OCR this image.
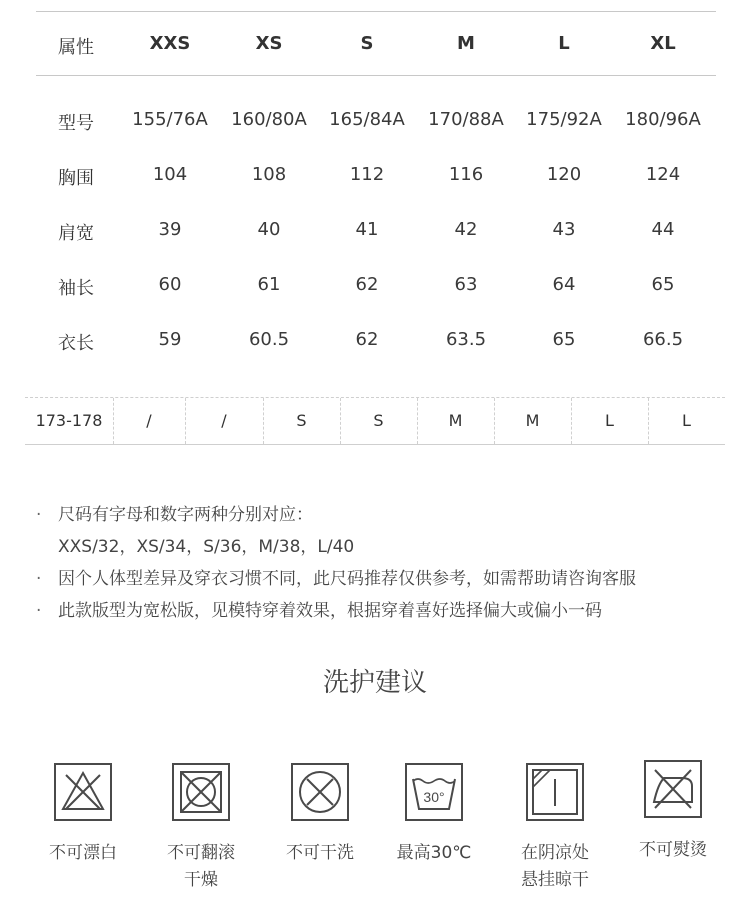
属性	XXS	XS	S	M	L	XL
型号	155/76A	160/80A	165/84A	170/88A	175/92A	180/96A
胸围	104	108	112	116	120	124
肩宽	39	40	41	42	43	44
袖长	60	61	62	63	64	65
衣长	59	60.5	62	63.5	65	66.5
173-178	/	/	S	S	M	M	L	L
· 尺码有字母和数字两种分别对应：
XXS/32，XS/34，S/36，M/38，L/40
· 因个人体型差异及穿衣习惯不同，此尺码推荐仅供参考，如需帮助请咨询客服
· 此款版型为宽松版，见模特穿着效果，根据穿着喜好选择偏大或偏小一码
洗护建议
不可漂白	不可翻滚
干燥
不可干洗
30°
最高30℃	在阴凉处
悬挂晾干
不可熨烫
